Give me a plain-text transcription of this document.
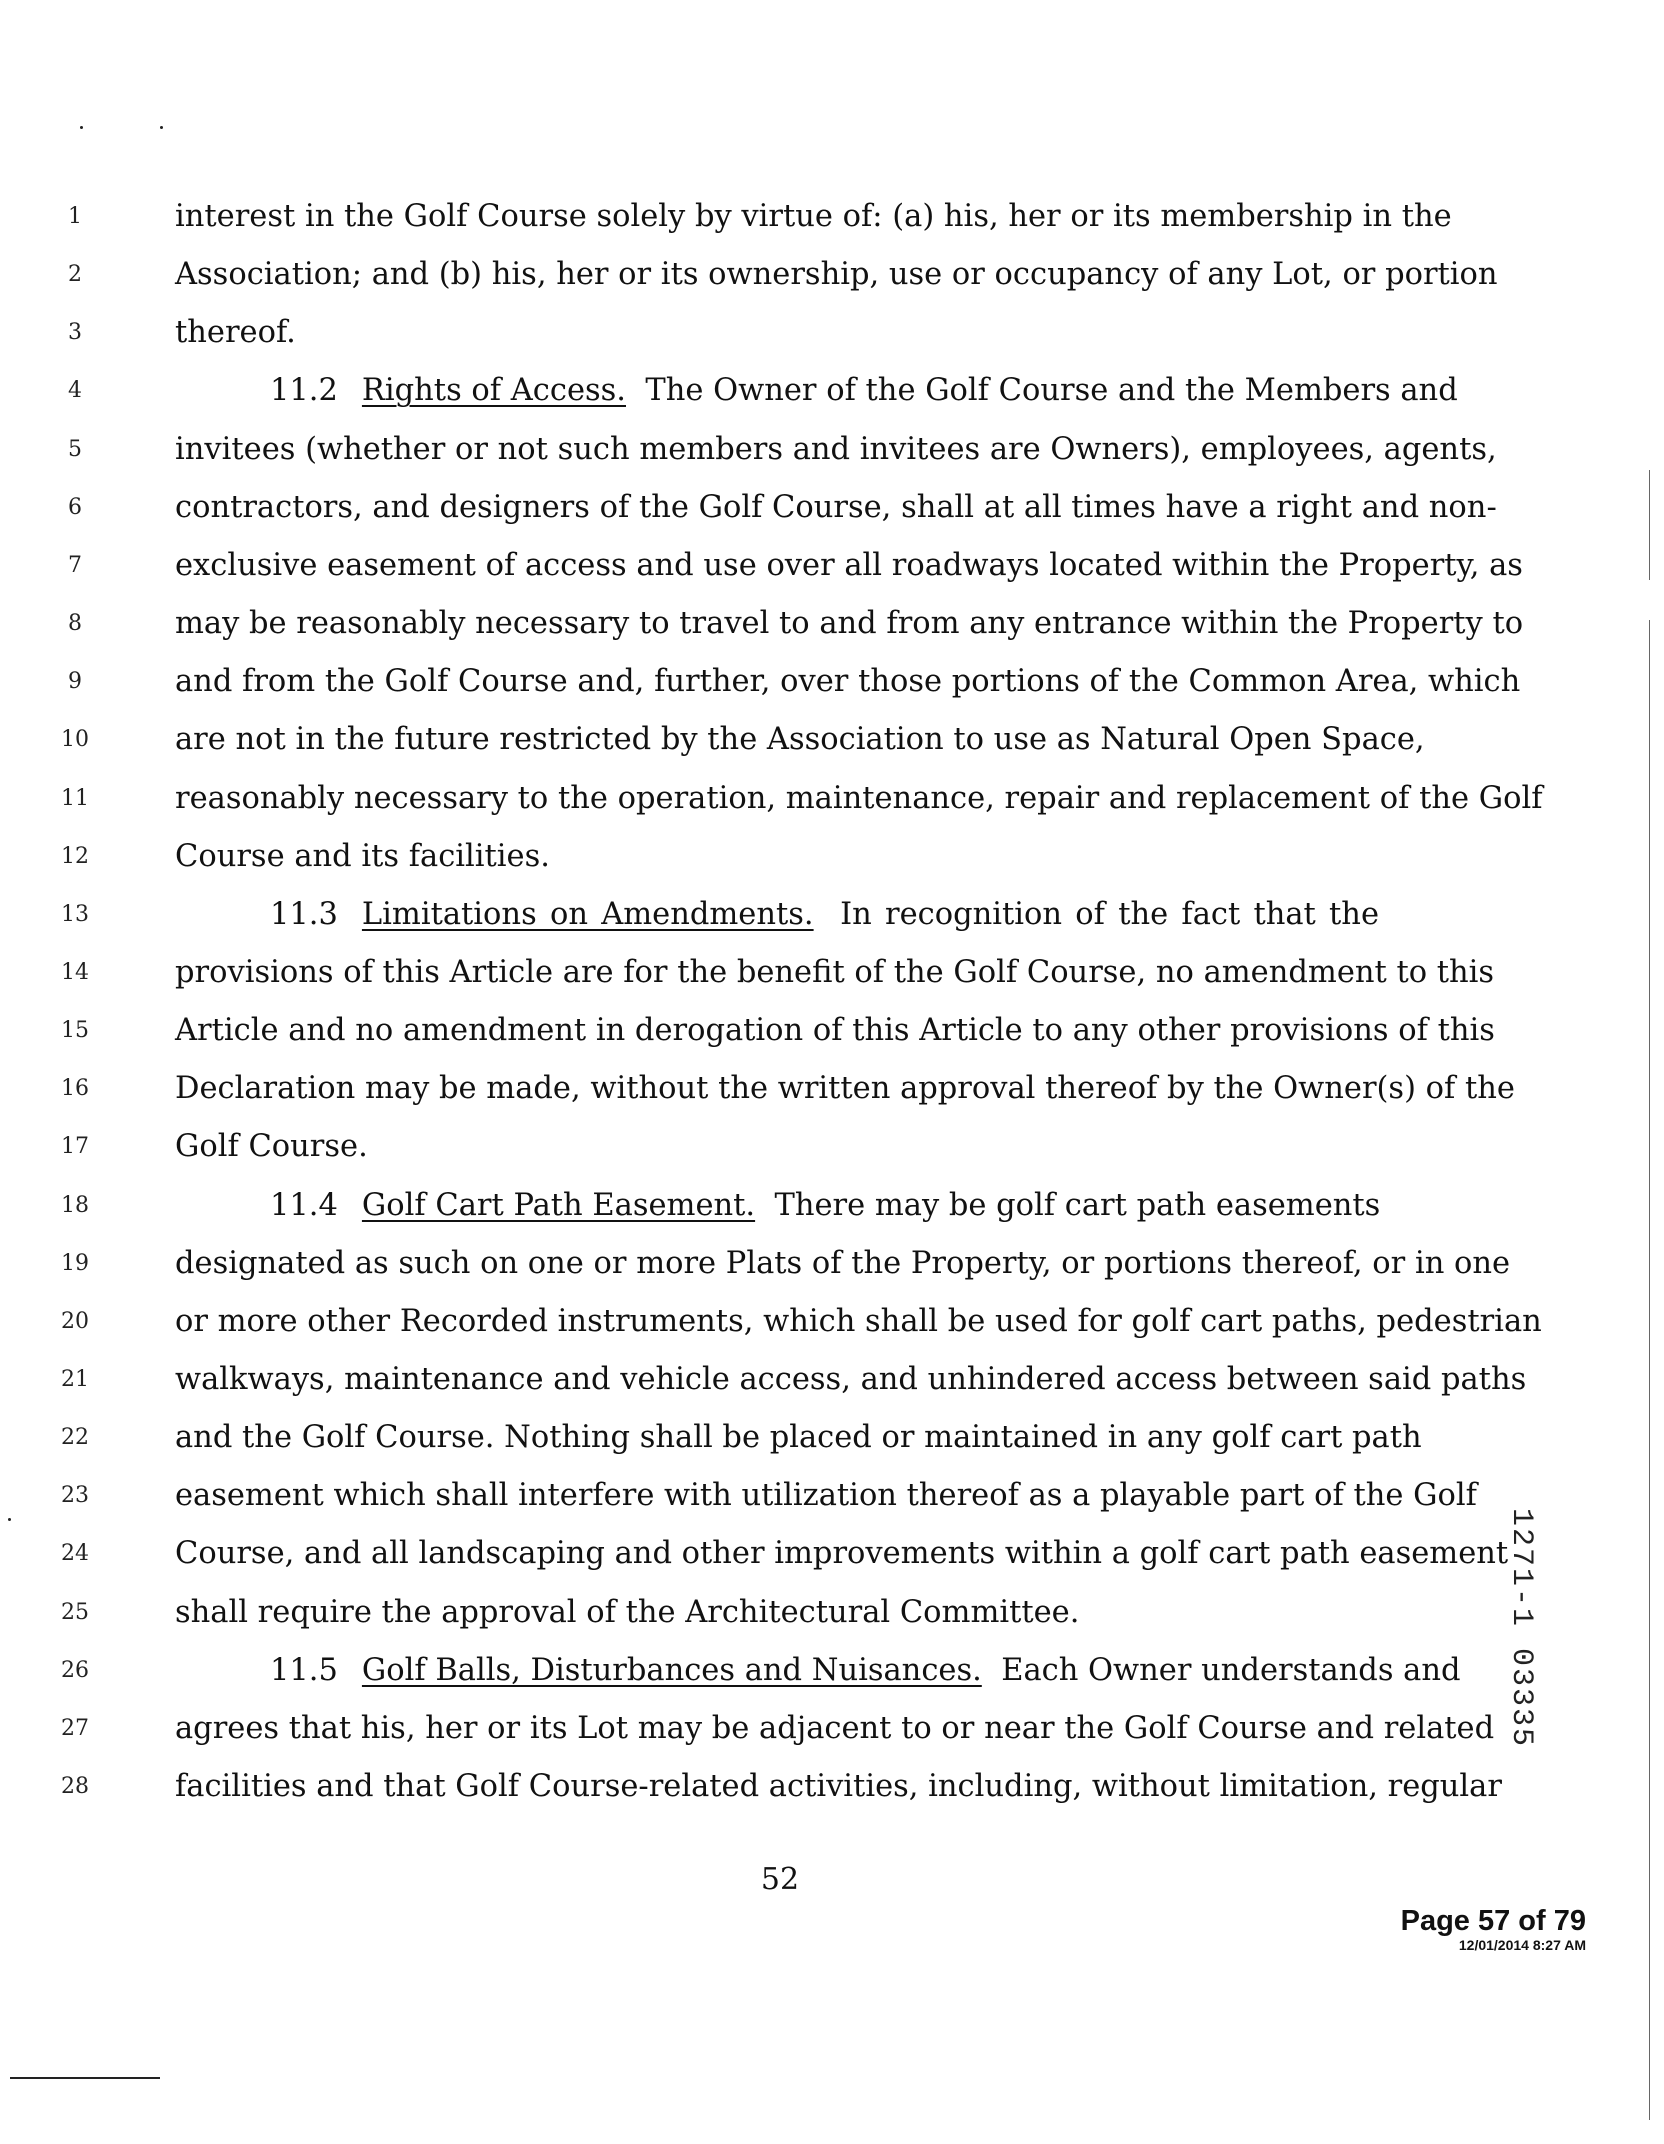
1	interest in the Golf Course solely by virtue of: (a) his, her or its membership in the
2	Association; and (b) his, her or its ownership, use or occupancy of any Lot, or portion
3	thereof.
4	11.2 Rights of Access. The Owner of the Golf Course and the Members and
5	invitees (whether or not such members and invitees are Owners), employees, agents,
6	contractors, and designers of the Golf Course, shall at all times have a right and non-
7	exclusive easement of access and use over all roadways located within the Property, as
8	may be reasonably necessary to travel to and from any entrance within the Property to
9	and from the Golf Course and, further, over those portions of the Common Area, which
10	are not in the future restricted by the Association to use as Natural Open Space,
11	reasonably necessary to the operation, maintenance, repair and replacement of the Golf
12	Course and its facilities.
13	11.3 Limitations on Amendments. In recognition of the fact that the
14	provisions of this Article are for the benefit of the Golf Course, no amendment to this
15	Article and no amendment in derogation of this Article to any other provisions of this
16	Declaration may be made, without the written approval thereof by the Owner(s) of the
17	Golf Course.
18	11.4 Golf Cart Path Easement. There may be golf cart path easements
19	designated as such on one or more Plats of the Property, or portions thereof, or in one
20	or more other Recorded instruments, which shall be used for golf cart paths, pedestrian
21	walkways, maintenance and vehicle access, and unhindered access between said paths
22	and the Golf Course. Nothing shall be placed or maintained in any golf cart path
23	easement which shall interfere with utilization thereof as a playable part of the Golf
24	Course, and all landscaping and other improvements within a golf cart path easement
25	shall require the approval of the Architectural Committee.
26	11.5 Golf Balls, Disturbances and Nuisances. Each Owner understands and
27	agrees that his, her or its Lot may be adjacent to or near the Golf Course and related
28	facilities and that Golf Course-related activities, including, without limitation, regular
52
Page 57 of 79
12/01/2014 8:27 AM
1271-1 03335
